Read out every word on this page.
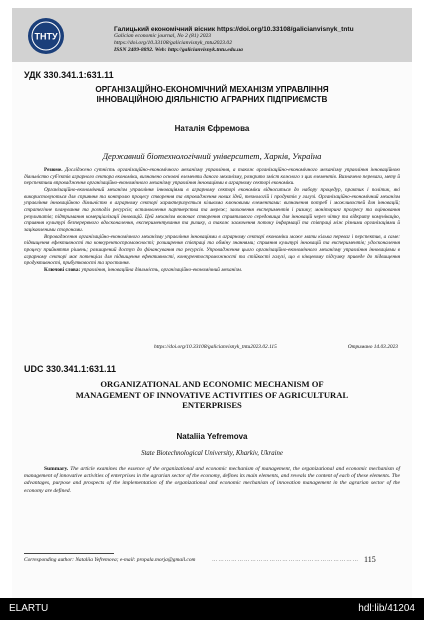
ТНТУ
Галицький економічний вісник https://doi.org/10.33108/galicianvisnyk_tntu
Galician economic journal, No 2 (81) 2023
https://doi.org/10.33108/galicianvisnyk_tntu2023.02
ISSN 2409-8892. Web: http://galicianvisnyk.tntu.edu.ua
УДК 330.341.1:631.11
ОРГАНІЗАЦІЙНО-ЕКОНОМІЧНИЙ МЕХАНІЗМ УПРАВЛІННЯ
ІННОВАЦІЙНОЮ ДІЯЛЬНІСТЮ АГРАРНИХ ПІДПРИЄМСТВ
Наталія Єфремова
Державний біотехнологічний університет, Харків, Україна

Резюме. Досліджено сутність організаційно-економічного механізму управління, а також організаційно-економічного механізму управління інноваційною діяльністю суб'єктів аграрного сектора економіки, визначено основні елементи даного механізму, розкрито зміст кожного з цих елементів. Визначено переваги, мету й перспективи впровадження організаційно-економічного механізму управління інноваціями в аграрному секторі економіки.

Організаційно-економічний механізм управління інноваціями в аграрному секторі економіки відноситься до набору процедур, практик і політик, які використовуються для сприяння та контролю процесу створення та впровадження нових ідей, технологій і продуктів у галузі. Організаційно-економічний механізм управління інноваційною діяльністю в аграрному секторі характеризується кількома ключовими елементами: визначення потреб і можливостей для інновацій; стратегічне планування та розподіл ресурсів; встановлення партнерства та мереж; заохочення експериментів і ризику; моніторинг прогресу та оцінювання результатів; підтримання комерціалізації інновацій. Цей механізм включає створення сприятливого середовища для інновацій через чітку та відкриту комунікацію, сприяння культурі безперервного вдосконалення, експериментування та ризику, а також заохочення потоку інформації та співпраці між різними організаціями й зацікавленими сторонами.

Впровадження організаційно-економічного механізму управління інноваціями в аграрному секторі економіки може мати кілька переваг і перспектив, а саме: підвищення ефективності та конкурентоспроможності; розширення співпраці та обміну знаннями; сприяння культурі інновацій та експериментів; удосконалення процесу прийняття рішень; розширений доступ до фінансування та ресурсів. Упровадження цього організаційно-економічного механізму управління інноваціями в аграрному секторі має потенціал для підвищення ефективності, конкурентоспроможності та стійкості галузі, що в кінцевому підсумку приведе до підвищення продуктивності, прибутковості та зростання.

Ключові слова: управління, інноваційна діяльність, організаційно-економічний механізм.

https://doi.org/10.33108/galicianvisnyk_tntu2023.02.115	Отримано 14.03.2023
UDC 330.341.1:631.11
ORGANIZATIONAL AND ECONOMIC MECHANISM OF
MANAGEMENT OF INNOVATIVE ACTIVITIES OF AGRICULTURAL
ENTERPRISES
Nataliia Yefremova
State Biotechnological University, Kharkiv, Ukraine

Summary. The article examines the essence of the organizational and economic mechanism of management, the organizational and economic mechanism of management of innovative activities of enterprises in the agrarian sector of the economy, defines its main elements, and reveals the content of each of these elements. The advantages, purpose and prospects of the implementation of the organizational and economic mechanism of innovation management in the agrarian sector of the economy are defined.

Corresponding author: Nataliia Yefremova; e-mail: propala.morja@gmail.com	…………………………………………………………… 115
ELARTU	hdl:lib/41204
